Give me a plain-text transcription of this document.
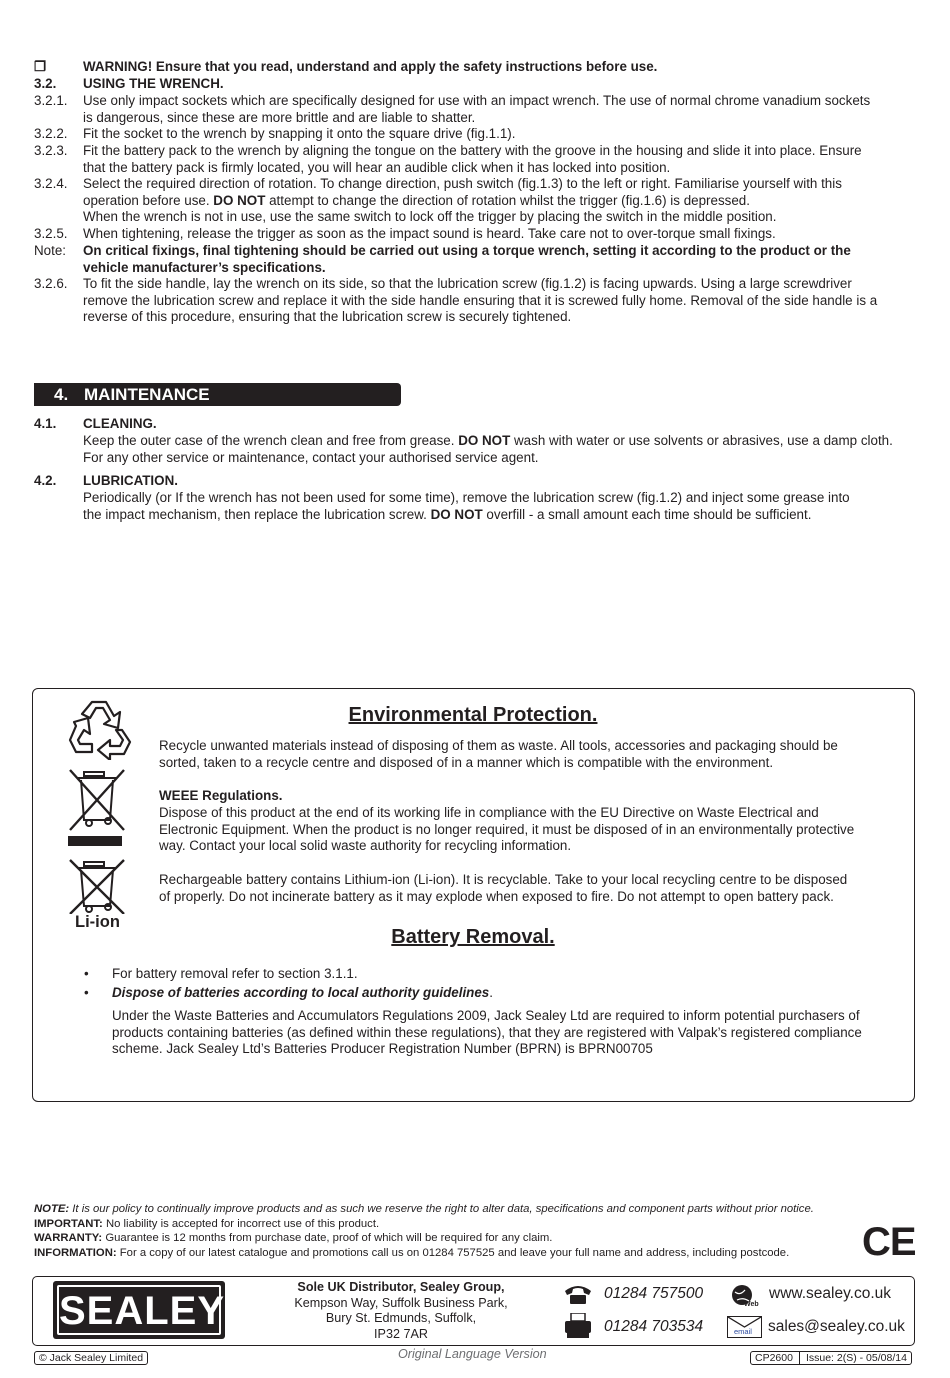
❐	WARNING! Ensure that you read, understand and apply the safety instructions before use.
3.2.	USING THE WRENCH.
3.2.1.	Use only impact sockets which are specifically designed for use with an impact wrench. The use of normal chrome vanadium sockets
is dangerous, since these are more brittle and are liable to shatter.
3.2.2.	Fit the socket to the wrench by snapping it onto the square drive (fig.1.1).
3.2.3.	Fit the battery pack to the wrench by aligning the tongue on the battery with the groove in the housing and slide it into place. Ensure
that the battery pack is firmly located, you will hear an audible click when it has locked into position.
3.2.4.	Select the required direction of rotation. To change direction, push switch (fig.1.3) to the left or right. Familiarise yourself with this
operation before use. DO NOT attempt to change the direction of rotation whilst the trigger (fig.1.6) is depressed.
When the wrench is not in use, use the same switch to lock off the trigger by placing the switch in the middle position.
3.2.5.	When tightening, release the trigger as soon as the impact sound is heard. Take care not to over-torque small fixings.
Note:	On critical fixings, final tightening should be carried out using a torque wrench, setting it according to the product or the
vehicle manufacturer’s specifications.
3.2.6.	To fit the side handle, lay the wrench on its side, so that the lubrication screw (fig.1.2) is facing upwards. Using a large screwdriver
remove the lubrication screw and replace it with the side handle ensuring that it is screwed fully home. Removal of the side handle is a
reverse of this procedure, ensuring that the lubrication screw is securely tightened.
4. MAINTENANCE
4.1.	CLEANING.
Keep the outer case of the wrench clean and free from grease. DO NOT wash with water or use solvents or abrasives, use a damp cloth.
For any other service or maintenance, contact your authorised service agent.
4.2.	LUBRICATION.
Periodically (or If the wrench has not been used for some time), remove the lubrication screw (fig.1.2) and inject some grease into
the impact mechanism, then replace the lubrication screw. DO NOT overfill - a small amount each time should be sufficient.
Li-ion
Environmental Protection.
Recycle unwanted materials instead of disposing of them as waste. All tools, accessories and packaging should be
sorted, taken to a recycle centre and disposed of in a manner which is compatible with the environment.
WEEE Regulations.
Dispose of this product at the end of its working life in compliance with the EU Directive on Waste Electrical and
Electronic Equipment. When the product is no longer required, it must be disposed of in an environmentally protective
way. Contact your local solid waste authority for recycling information.
Rechargeable battery contains Lithium-ion (Li-ion). It is recyclable. Take to your local recycling centre to be disposed
of properly. Do not incinerate battery as it may explode when exposed to fire. Do not attempt to open battery pack.
Battery Removal.
• For battery removal refer to section 3.1.1.
• Dispose of batteries according to local authority guidelines.
Under the Waste Batteries and Accumulators Regulations 2009, Jack Sealey Ltd are required to inform potential purchasers of
products containing batteries (as defined within these regulations), that they are registered with Valpak’s registered compliance
scheme. Jack Sealey Ltd’s Batteries Producer Registration Number (BPRN) is BPRN00705
NOTE: It is our policy to continually improve products and as such we reserve the right to alter data, specifications and component parts without prior notice.
IMPORTANT: No liability is accepted for incorrect use of this product.
WARRANTY: Guarantee is 12 months from purchase date, proof of which will be required for any claim.
INFORMATION: For a copy of our latest catalogue and promotions call us on 01284 757525 and leave your full name and address, including postcode.	CE
SEALEY
Sole UK Distributor, Sealey Group,
Kempson Way, Suffolk Business Park,
Bury St. Edmunds, Suffolk,
IP32 7AR
01284 757500
01284 703534
Web
www.sealey.co.uk
email sales@sealey.co.uk
© Jack Sealey Limited	Original Language Version	CP2600 Issue: 2(S) - 05/08/14
